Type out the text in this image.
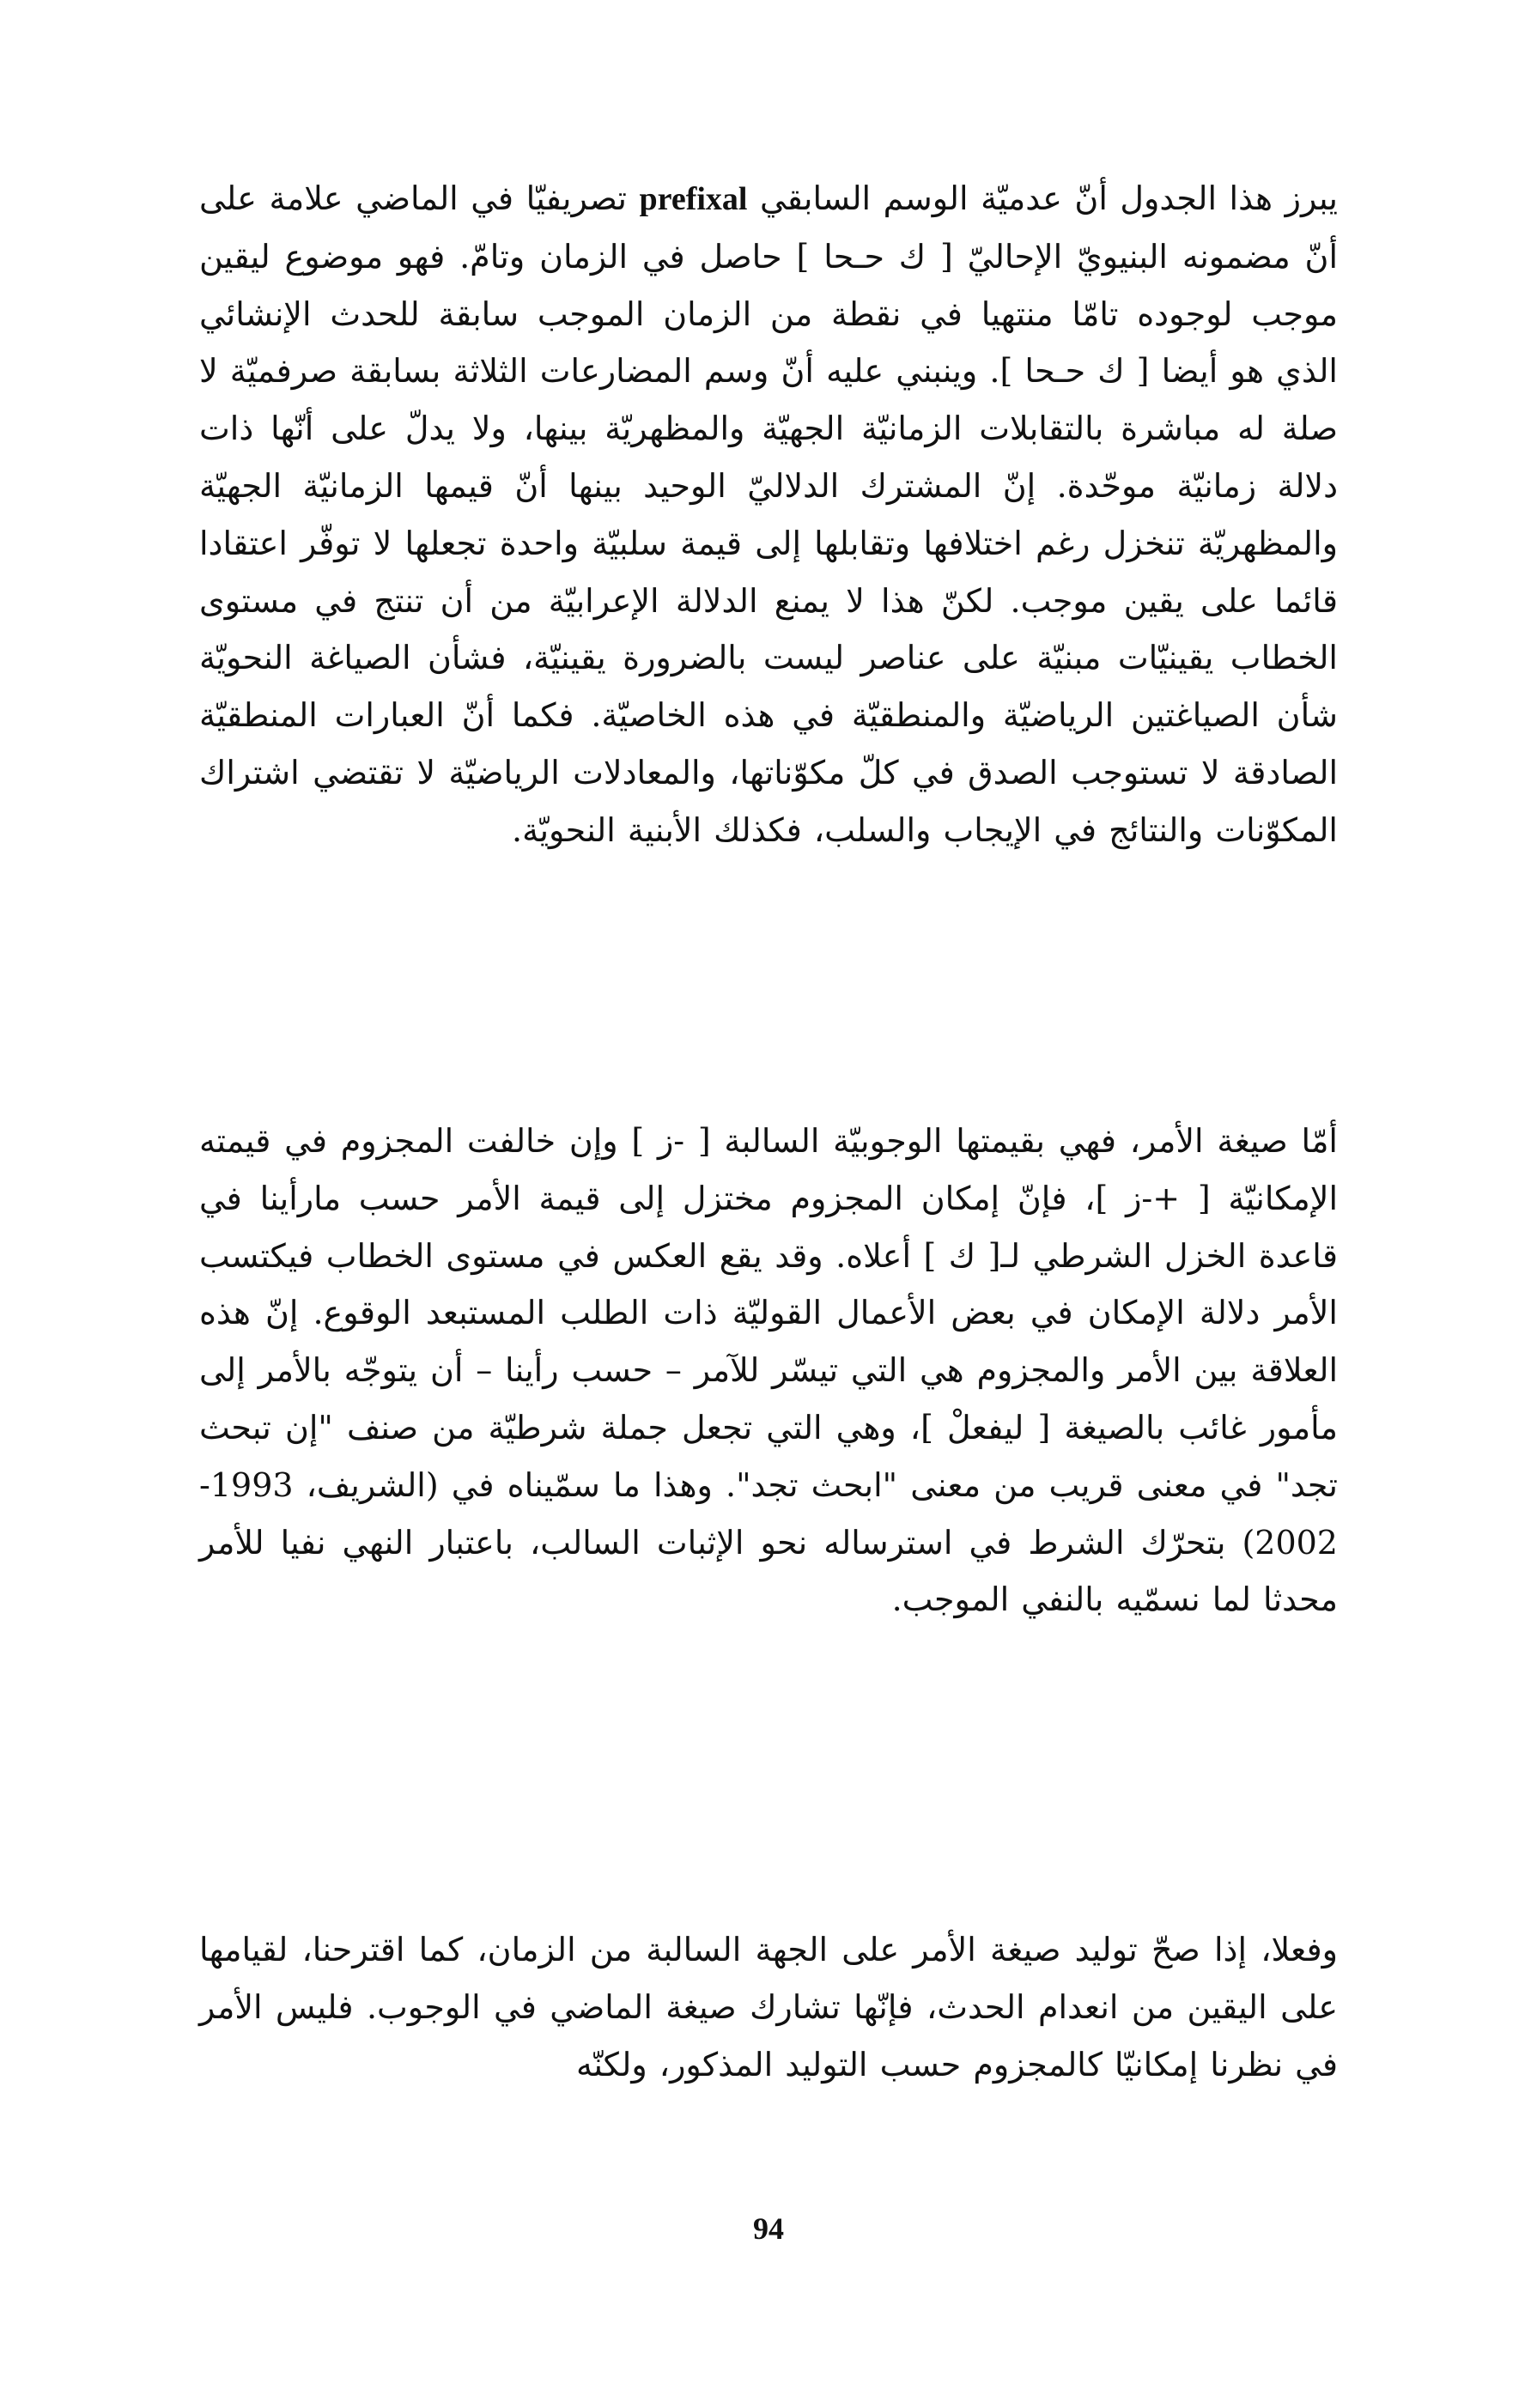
يبرز هذا الجدول أنّ عدميّة الوسم السابقي prefixal تصريفيّا في الماضي علامة على أنّ مضمونه البنيويّ الإحاليّ [ ك حـحا ] حاصل في الزمان وتامّ. فهو موضوع ليقين موجب لوجوده تامّا منتهيا في نقطة من الزمان الموجب سابقة للحدث الإنشائي الذي هو أيضا [ ك حـحا ]. وينبني عليه أنّ وسم المضارعات الثلاثة بسابقة صرفميّة لا صلة له مباشرة بالتقابلات الزمانيّة الجهيّة والمظهريّة بينها، ولا يدلّ على أنّها ذات دلالة زمانيّة موحّدة. إنّ المشترك الدلاليّ الوحيد بينها أنّ قيمها الزمانيّة الجهيّة والمظهريّة تنخزل رغم اختلافها وتقابلها إلى قيمة سلبيّة واحدة تجعلها لا توفّر اعتقادا قائما على يقين موجب. لكنّ هذا لا يمنع الدلالة الإعرابيّة من أن تنتج في مستوى الخطاب يقينيّات مبنيّة على عناصر ليست بالضرورة يقينيّة، فشأن الصياغة النحويّة شأن الصياغتين الرياضيّة والمنطقيّة في هذه الخاصيّة. فكما أنّ العبارات المنطقيّة الصادقة لا تستوجب الصدق في كلّ مكوّناتها، والمعادلات الرياضيّة لا تقتضي اشتراك المكوّنات والنتائج في الإيجاب والسلب، فكذلك الأبنية النحويّة.

أمّا صيغة الأمر، فهي بقيمتها الوجوبيّة السالبة [ -ز ] وإن خالفت المجزوم في قيمته الإمكانيّة [ +-ز ]، فإنّ إمكان المجزوم مختزل إلى قيمة الأمر حسب مارأينا في قاعدة الخزل الشرطي لـ[ ك ] أعلاه. وقد يقع العكس في مستوى الخطاب فيكتسب الأمر دلالة الإمكان في بعض الأعمال القوليّة ذات الطلب المستبعد الوقوع. إنّ هذه العلاقة بين الأمر والمجزوم هي التي تيسّر للآمر – حسب رأينا – أن يتوجّه بالأمر إلى مأمور غائب بالصيغة [ ليفعلْ ]، وهي التي تجعل جملة شرطيّة من صنف "إن تبحث تجد" في معنى قريب من معنى "ابحث تجد". وهذا ما سمّيناه في (الشريف، 1993-2002) بتحرّك الشرط في استرساله نحو الإثبات السالب، باعتبار النهي نفيا للأمر محدثا لما نسمّيه بالنفي الموجب.

وفعلا، إذا صحّ توليد صيغة الأمر على الجهة السالبة من الزمان، كما اقترحنا، لقيامها على اليقين من انعدام الحدث، فإنّها تشارك صيغة الماضي في الوجوب. فليس الأمر في نظرنا إمكانيّا كالمجزوم حسب التوليد المذكور، ولكنّه

94
